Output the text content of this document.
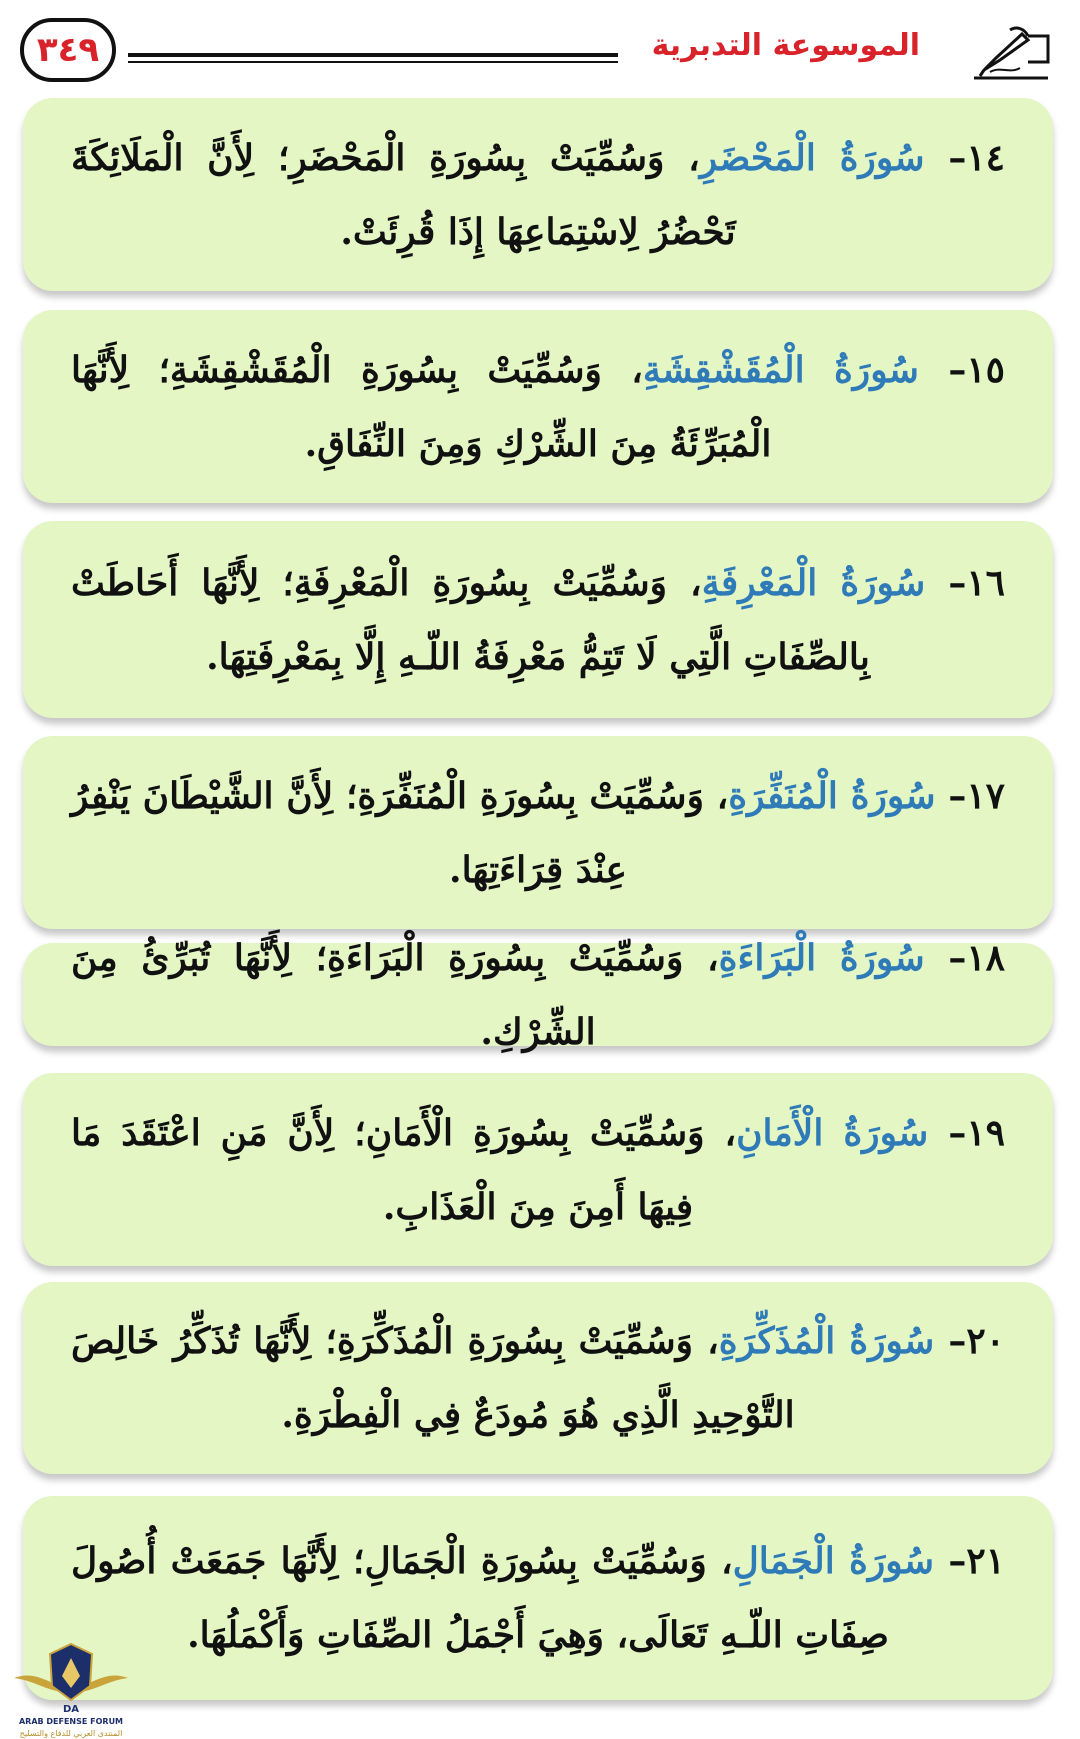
٣٤٩	الموسوعة التدبرية

١٤– سُورَةُ الْمَحْضَرِ، وَسُمِّيَتْ بِسُورَةِ الْمَحْضَرِ؛ لِأَنَّ الْمَلَائِكَةَ تَحْضُرُ لِاسْتِمَاعِهَا إِذَا قُرِئَتْ.

١٥– سُورَةُ الْمُقَشْقِشَةِ، وَسُمِّيَتْ بِسُورَةِ الْمُقَشْقِشَةِ؛ لِأَنَّهَا الْمُبَرِّئَةُ مِنَ الشِّرْكِ وَمِنَ النِّفَاقِ.

١٦– سُورَةُ الْمَعْرِفَةِ، وَسُمِّيَتْ بِسُورَةِ الْمَعْرِفَةِ؛ لِأَنَّهَا أَحَاطَتْ بِالصِّفَاتِ الَّتِي لَا تَتِمُّ مَعْرِفَةُ اللّـهِ إِلَّا بِمَعْرِفَتِهَا.

١٧– سُورَةُ الْمُنَفِّرَةِ، وَسُمِّيَتْ بِسُورَةِ الْمُنَفِّرَةِ؛ لِأَنَّ الشَّيْطَانَ يَنْفِرُ عِنْدَ قِرَاءَتِهَا.

١٨– سُورَةُ الْبَرَاءَةِ، وَسُمِّيَتْ بِسُورَةِ الْبَرَاءَةِ؛ لِأَنَّهَا تُبَرِّئُ مِنَ الشِّرْكِ.

١٩– سُورَةُ الْأَمَانِ، وَسُمِّيَتْ بِسُورَةِ الْأَمَانِ؛ لِأَنَّ مَنِ اعْتَقَدَ مَا فِيهَا أَمِنَ مِنَ الْعَذَابِ.

٢٠– سُورَةُ الْمُذَكِّرَةِ، وَسُمِّيَتْ بِسُورَةِ الْمُذَكِّرَةِ؛ لِأَنَّهَا تُذَكِّرُ خَالِصَ التَّوْحِيدِ الَّذِي هُوَ مُودَعٌ فِي الْفِطْرَةِ.

٢١– سُورَةُ الْجَمَالِ، وَسُمِّيَتْ بِسُورَةِ الْجَمَالِ؛ لِأَنَّهَا جَمَعَتْ أُصُولَ صِفَاتِ اللّـهِ تَعَالَى، وَهِيَ أَجْمَلُ الصِّفَاتِ وَأَكْمَلُهَا.

DA
ARAB DEFENSE FORUM
المنتدى العربي للدفاع والتسليح
